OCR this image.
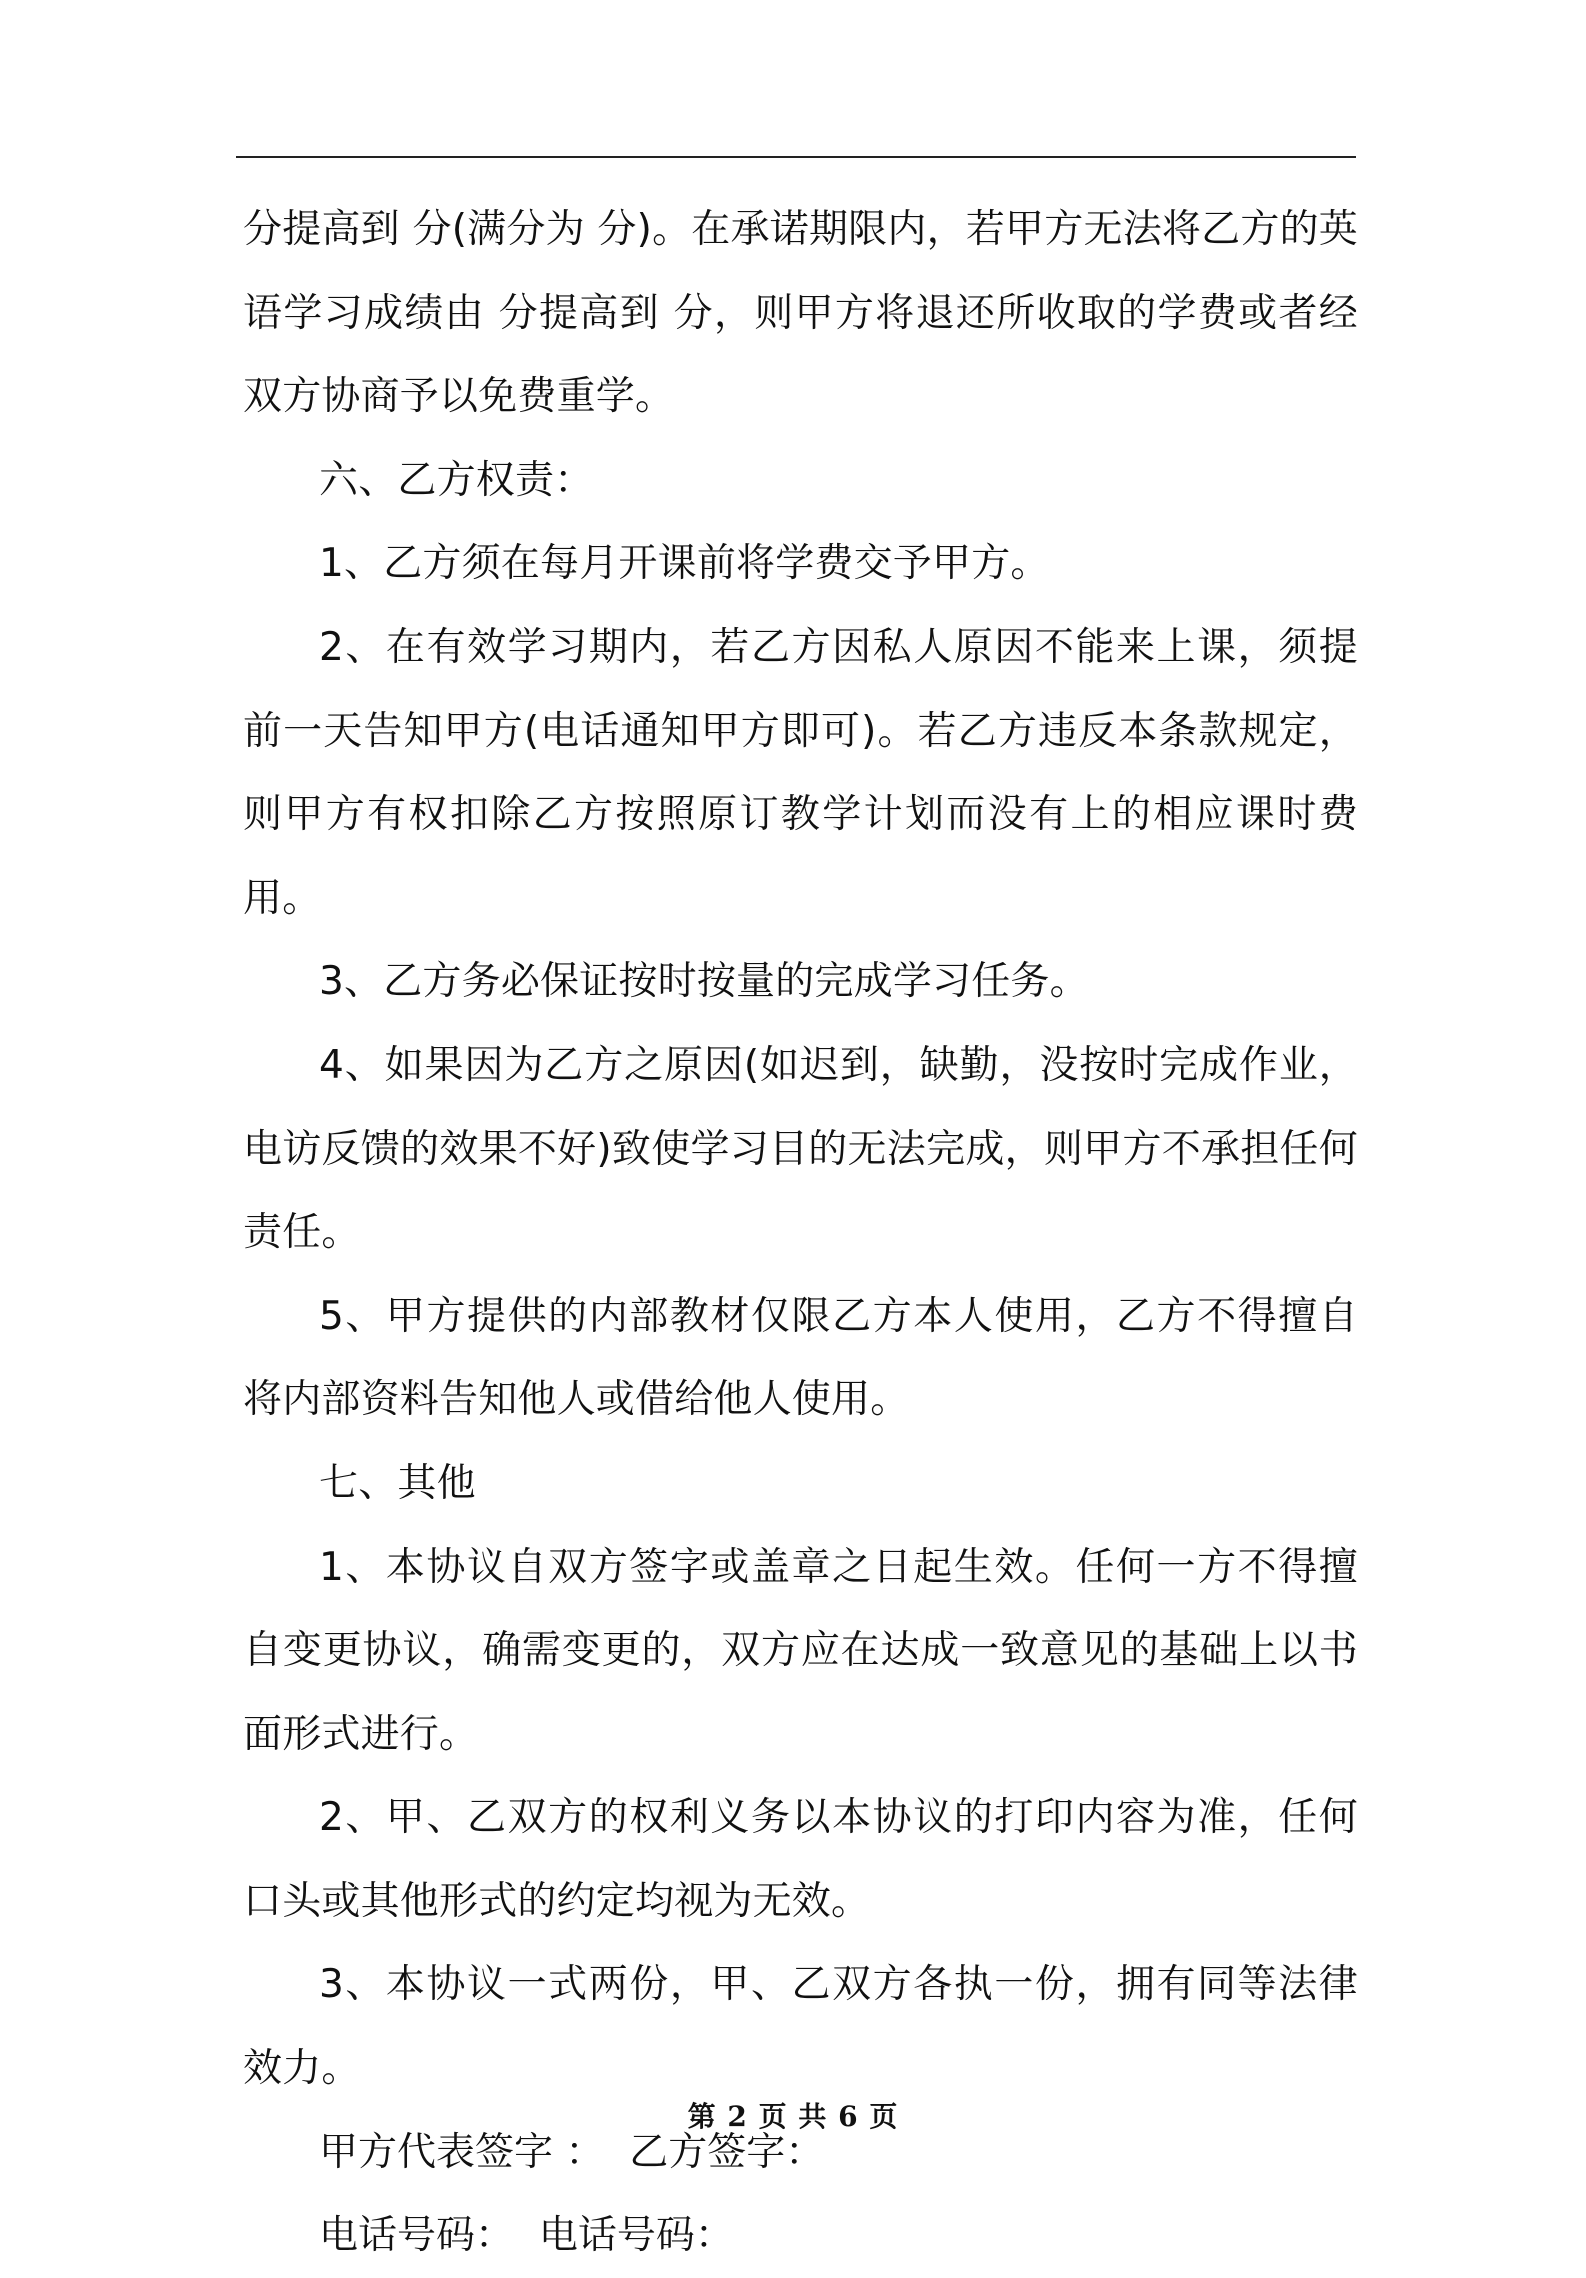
分提高到 分(满分为 分)。在承诺期限内，若甲方无法将乙方的英语学习成绩由 分提高到 分，则甲方将退还所收取的学费或者经双方协商予以免费重学。

六、乙方权责：

1、乙方须在每月开课前将学费交予甲方。

2、在有效学习期内，若乙方因私人原因不能来上课，须提前一天告知甲方(电话通知甲方即可)。若乙方违反本条款规定，则甲方有权扣除乙方按照原订教学计划而没有上的相应课时费用。

3、乙方务必保证按时按量的完成学习任务。

4、如果因为乙方之原因(如迟到，缺勤，没按时完成作业，电访反馈的效果不好)致使学习目的无法完成，则甲方不承担任何责任。

5、甲方提供的内部教材仅限乙方本人使用，乙方不得擅自将内部资料告知他人或借给他人使用。

七、其他

1、本协议自双方签字或盖章之日起生效。任何一方不得擅自变更协议，确需变更的，双方应在达成一致意见的基础上以书面形式进行。

2、甲、乙双方的权利义务以本协议的打印内容为准，任何口头或其他形式的约定均视为无效。

3、本协议一式两份，甲、乙双方各执一份，拥有同等法律效力。

甲方代表签字 ： 乙方签字：

电话号码： 电话号码：

第 2 页 共 6 页
